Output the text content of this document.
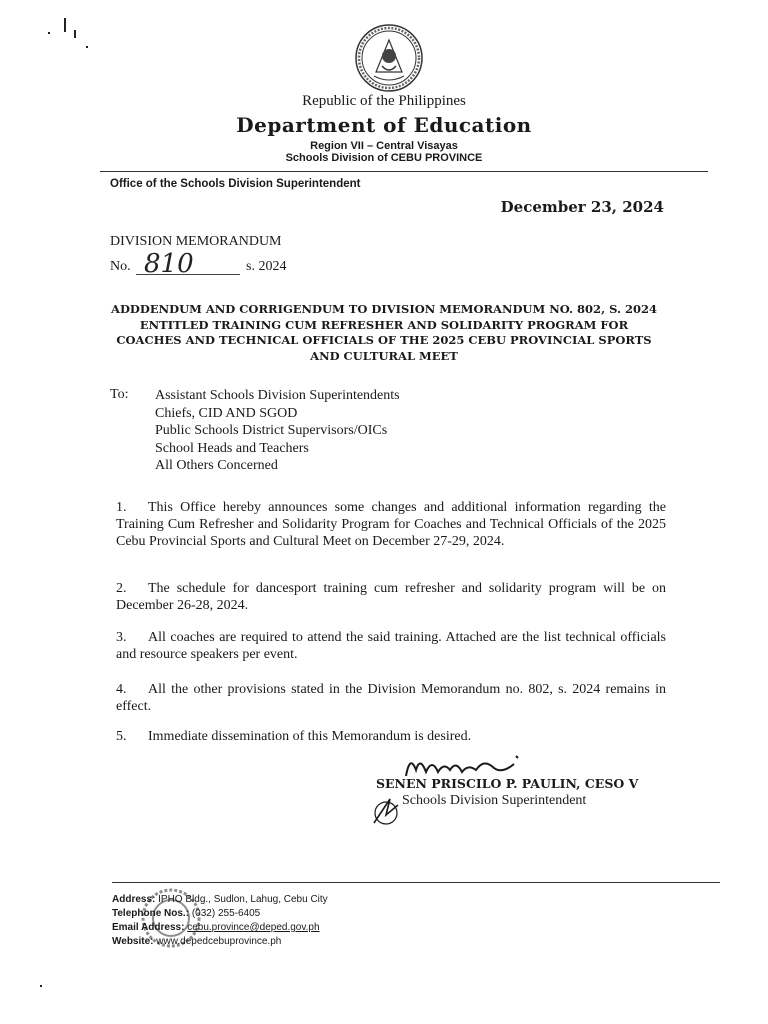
Republic of the Philippines
Department of Education
Region VII – Central Visayas
Schools Division of CEBU PROVINCE
Office of the Schools Division Superintendent
December 23, 2024
DIVISION MEMORANDUM
No. 810	s. 2024
ADDDENDUM AND CORRIGENDUM TO DIVISION MEMORANDUM NO. 802, S. 2024 ENTITLED TRAINING CUM REFRESHER AND SOLIDARITY PROGRAM FOR COACHES AND TECHNICAL OFFICIALS OF THE 2025 CEBU PROVINCIAL SPORTS AND CULTURAL MEET
To: Assistant Schools Division Superintendents
Chiefs, CID AND SGOD
Public Schools District Supervisors/OICs
School Heads and Teachers
All Others Concerned
1. This Office hereby announces some changes and additional information regarding the Training Cum Refresher and Solidarity Program for Coaches and Technical Officials of the 2025 Cebu Provincial Sports and Cultural Meet on December 27-29, 2024.
2. The schedule for dancesport training cum refresher and solidarity program will be on December 26-28, 2024.
3. All coaches are required to attend the said training. Attached are the list technical officials and resource speakers per event.
4. All the other provisions stated in the Division Memorandum no. 802, s. 2024 remains in effect.
5. Immediate dissemination of this Memorandum is desired.
SENEN PRISCILO P. PAULIN, CESO V
Schools Division Superintendent
Address: IPHO Bldg., Sudlon, Lahug, Cebu City
Telephone Nos.: (032) 255-6405
Email Address: cebu.province@deped.gov.ph
Website: www.depedcebuprovince.ph
